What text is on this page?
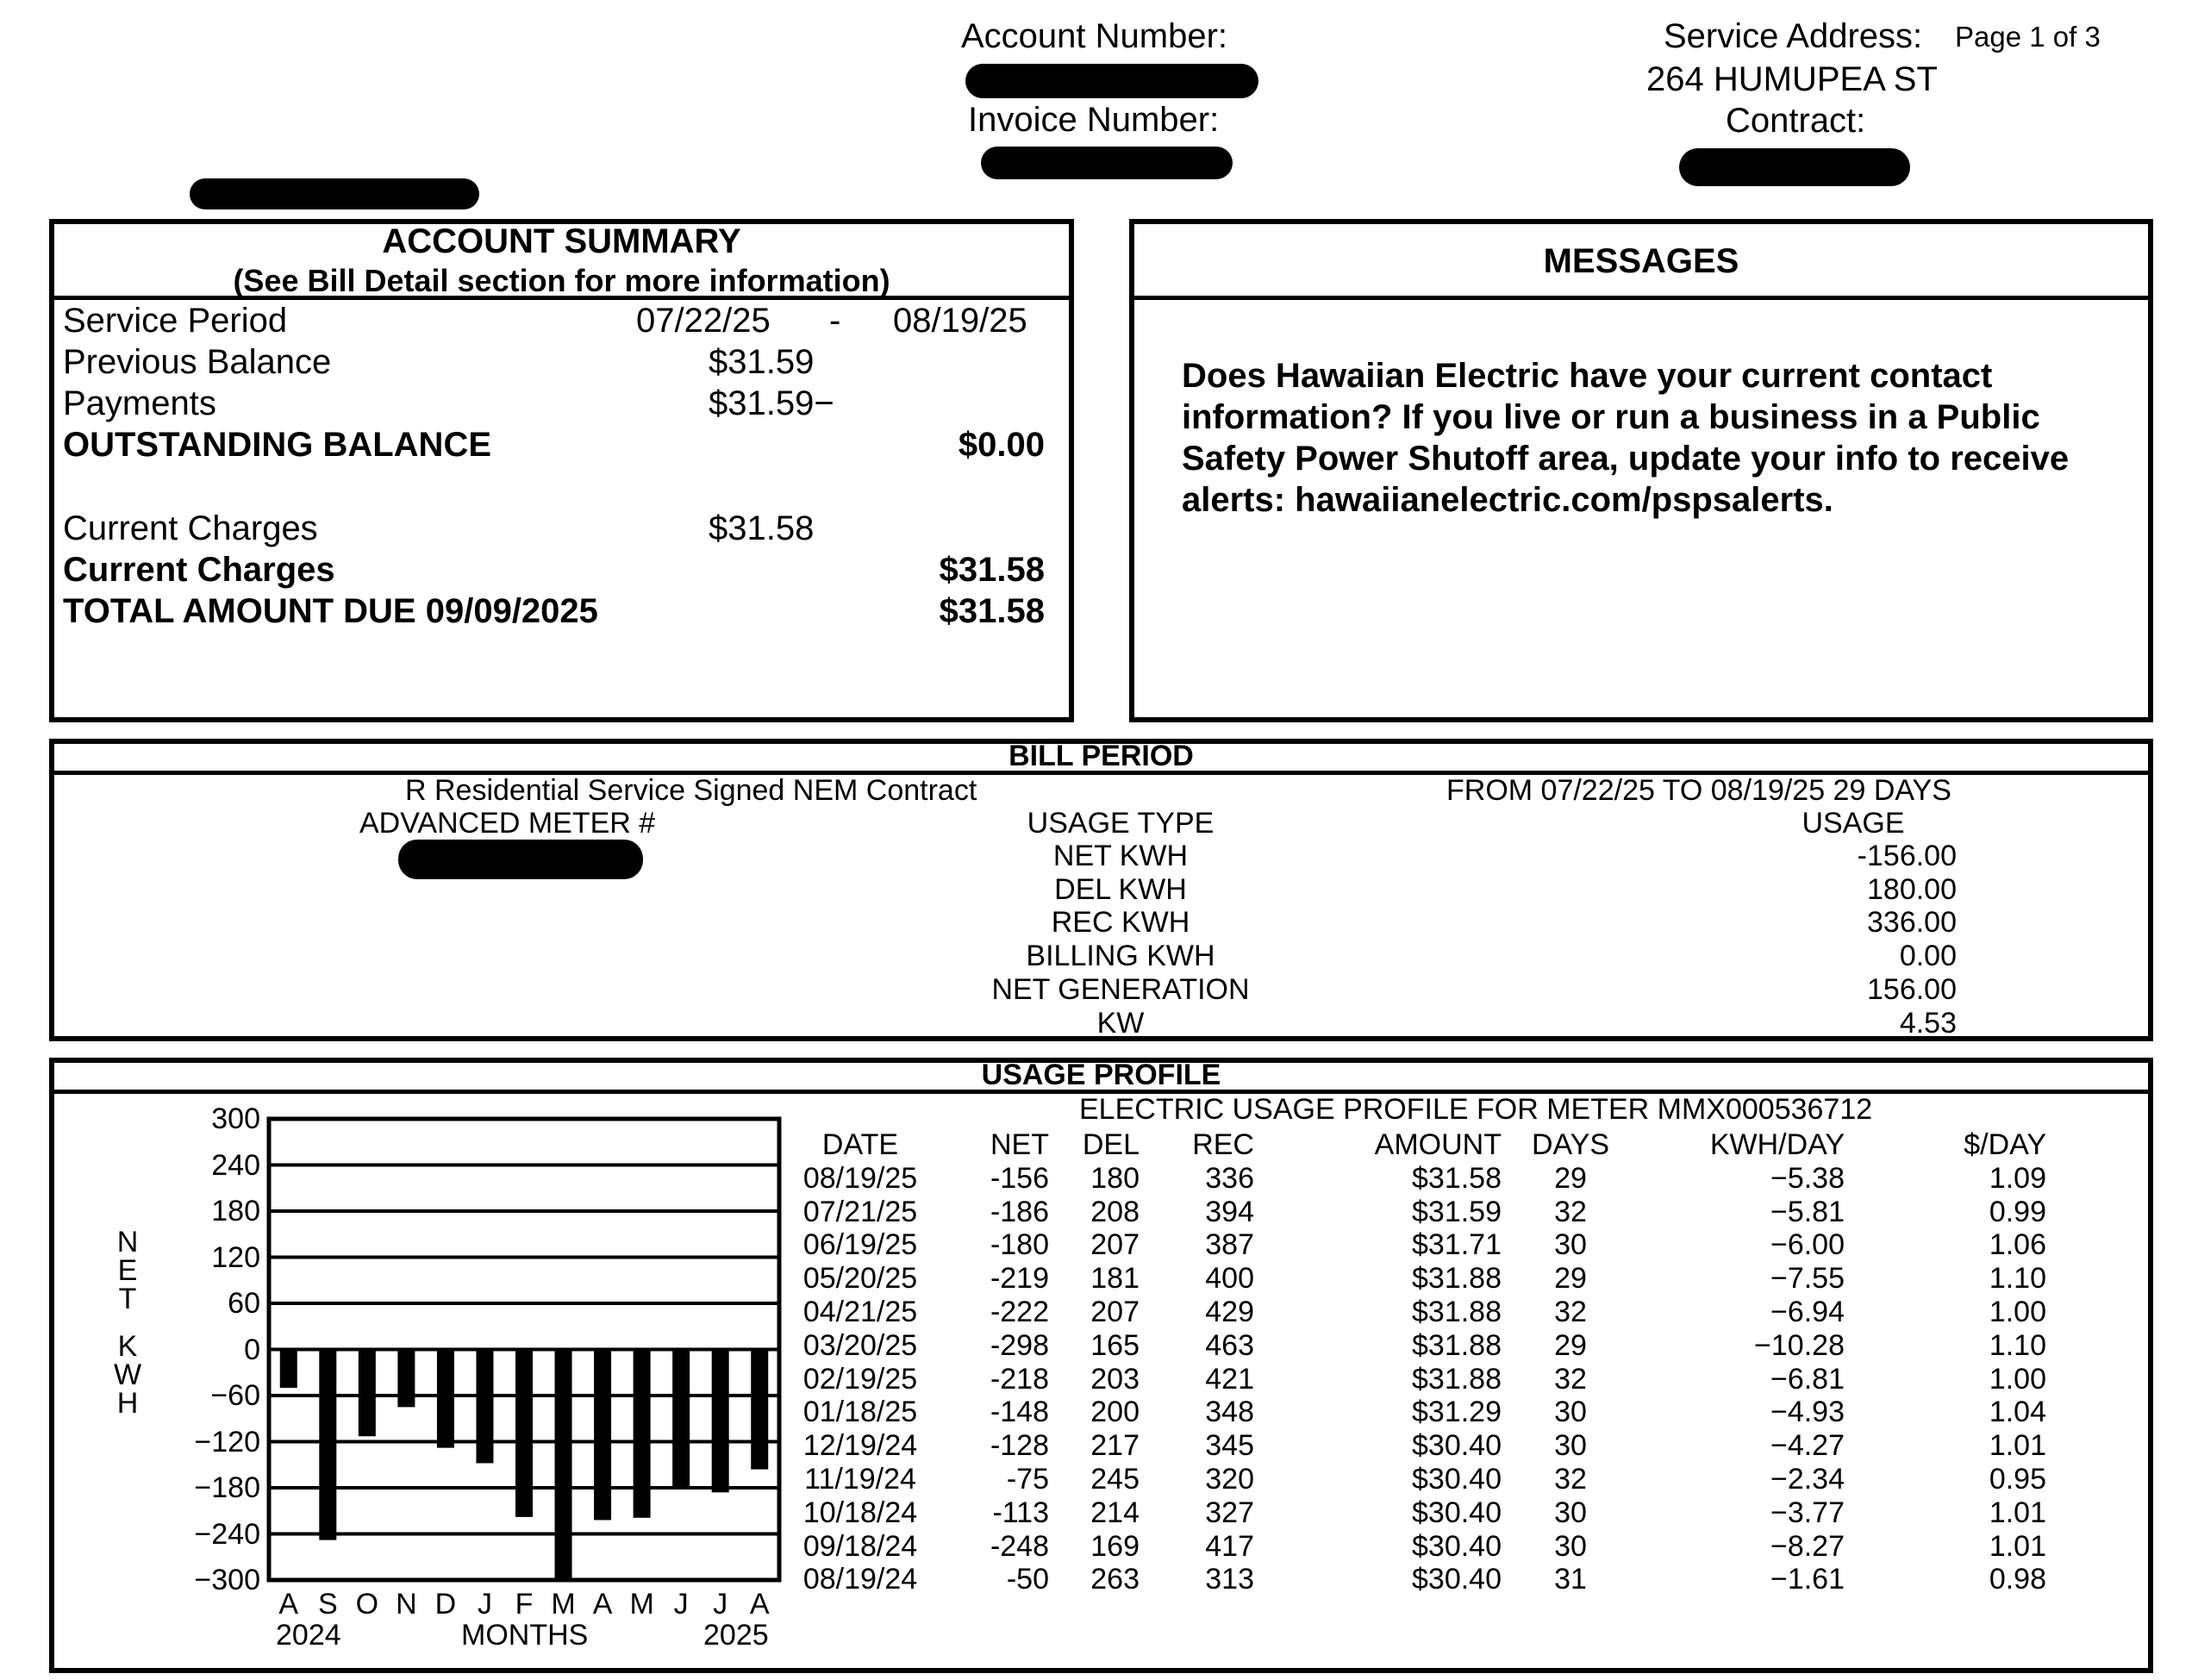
Account Number:
Invoice Number:
Service Address: Page 1 of 3
264 HUMUPEA ST
Contract:
ACCOUNT SUMMARY
(See Bill Detail section for more information)
Service Period	07/22/25 - 08/19/25
Previous Balance	$31.59
Payments	$31.59−
OUTSTANDING BALANCE	$0.00
Current Charges	$31.58
Current Charges	$31.58
TOTAL AMOUNT DUE 09/09/2025	$31.58
MESSAGES
Does Hawaiian Electric have your current contact information? If you live or run a business in a Public Safety Power Shutoff area, update your info to receive alerts: hawaiianelectric.com/pspsalerts.
BILL PERIOD
R Residential Service Signed NEM Contract	FROM 07/22/25 TO 08/19/25 29 DAYS
ADVANCED METER #	USAGE TYPE	USAGE
NET KWH	-156.00
DEL KWH	180.00
REC KWH	336.00
BILLING KWH	0.00
NET GENERATION	156.00
KW	4.53
USAGE PROFILE
ELECTRIC USAGE PROFILE FOR METER MMX000536712
N
E
T
K
W
H
300
240
180
120
60
0
−60
−120
−180
−240
−300
A S O N D J F M A M J J A
2024	MONTHS	2025
DATE	NET	DEL	REC	AMOUNT	DAYS	KWH/DAY	$/DAY
08/19/25	-156	180	336	$31.58	29	−5.38	1.09
07/21/25	-186	208	394	$31.59	32	−5.81	0.99
06/19/25	-180	207	387	$31.71	30	−6.00	1.06
05/20/25	-219	181	400	$31.88	29	−7.55	1.10
04/21/25	-222	207	429	$31.88	32	−6.94	1.00
03/20/25	-298	165	463	$31.88	29	−10.28	1.10
02/19/25	-218	203	421	$31.88	32	−6.81	1.00
01/18/25	-148	200	348	$31.29	30	−4.93	1.04
12/19/24	-128	217	345	$30.40	30	−4.27	1.01
11/19/24	-75	245	320	$30.40	32	−2.34	0.95
10/18/24	-113	214	327	$30.40	30	−3.77	1.01
09/18/24	-248	169	417	$30.40	30	−8.27	1.01
08/19/24	-50	263	313	$30.40	31	−1.61	0.98
